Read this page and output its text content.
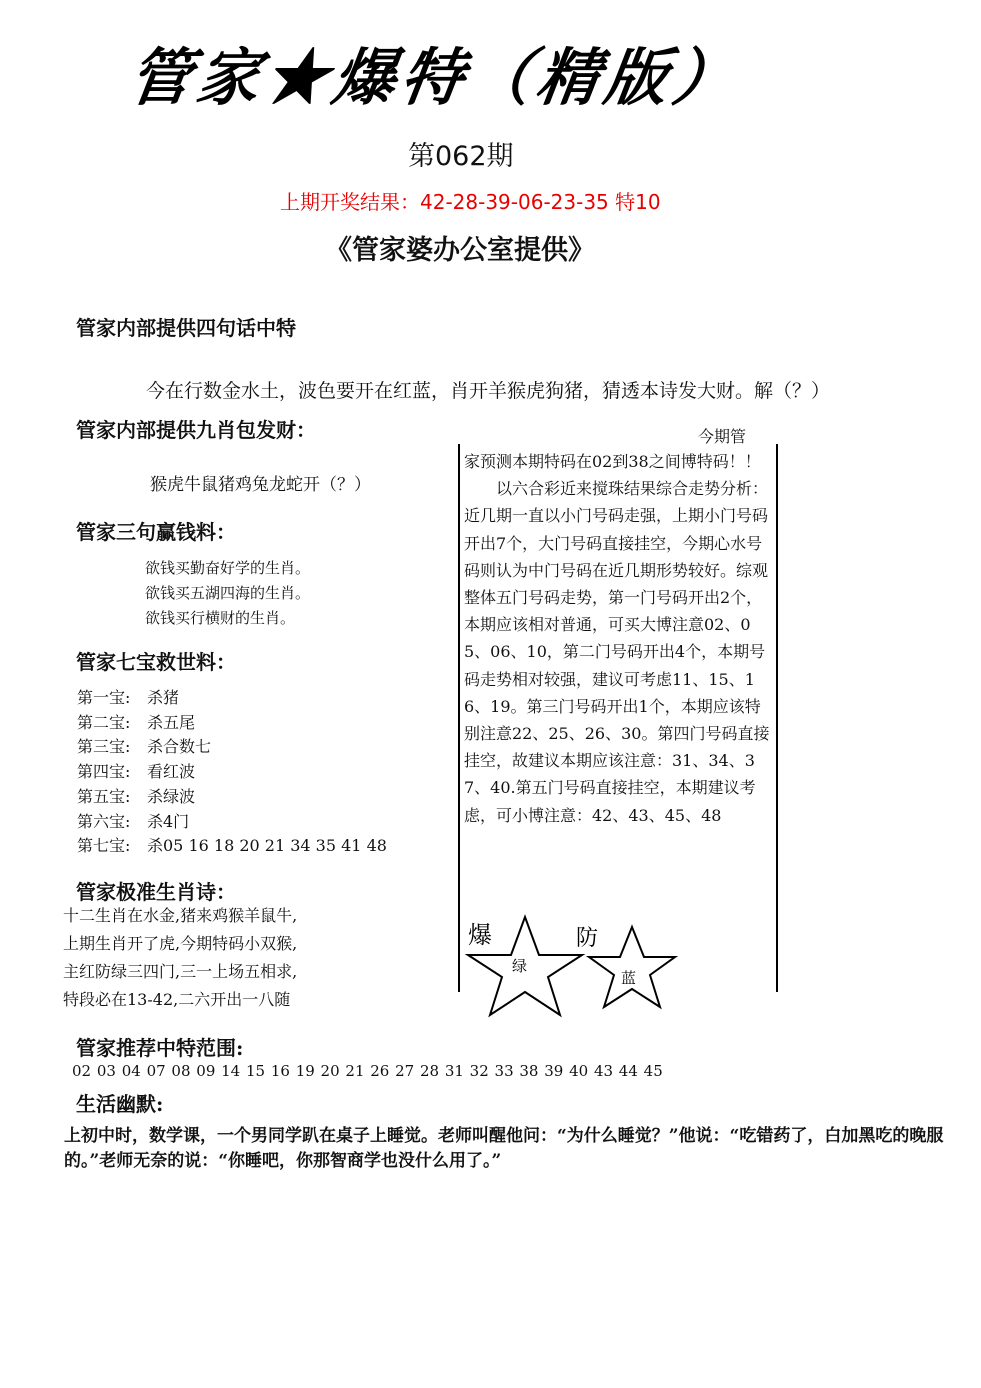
管家★爆特（精版）
第062期
上期开奖结果：42-28-39-06-23-35 特10
《管家婆办公室提供》
管家内部提供四句话中特
今在行数金水土，波色要开在红蓝，肖开羊猴虎狗猪，猜透本诗发大财。解（？）
管家内部提供九肖包发财：
猴虎牛鼠猪鸡兔龙蛇开（？）
管家三句赢钱料：
欲钱买勤奋好学的生肖。
欲钱买五湖四海的生肖。
欲钱买行横财的生肖。
管家七宝救世料：
第一宝: 杀猪
第二宝: 杀五尾
第三宝: 杀合数七
第四宝: 看红波
第五宝: 杀绿波
第六宝: 杀4门
第七宝: 杀05 16 18 20 21 34 35 41 48
管家极准生肖诗：
十二生肖在水金,猪来鸡猴羊鼠牛,
上期生肖开了虎,今期特码小双猴,
主红防绿三四门,三一上场五相求,
特段必在13-42,二六开出一八随
今期管

家预测本期特码在02到38之间博特码！！

以六合彩近来搅珠结果综合走势分析：近几期一直以小门号码走强，上期小门号码开出7个，大门号码直接挂空，今期心水号码则认为中门号码在近几期形势较好。综观整体五门号码走势，第一门号码开出2个，本期应该相对普通，可买大博注意02、05、06、10，第二门号码开出4个，本期号码走势相对较强，建议可考虑11、15、16、19。第三门号码开出1个，本期应该特别注意22、25、26、30。第四门号码直接挂空，故建议本期应该注意：31、34、37、40.第五门号码直接挂空，本期建议考虑，可小博注意：42、43、45、48

爆	防
绿
蓝
管家推荐中特范围:
02 03 04 07 08 09 14 15 16 19 20 21 26 27 28 31 32 33 38 39 40 43 44 45
生活幽默:
上初中时，数学课，一个男同学趴在桌子上睡觉。老师叫醒他问：“为什么睡觉？”他说：“吃错药了，白加黑吃的晚服的。”老师无奈的说：“你睡吧，你那智商学也没什么用了。”
